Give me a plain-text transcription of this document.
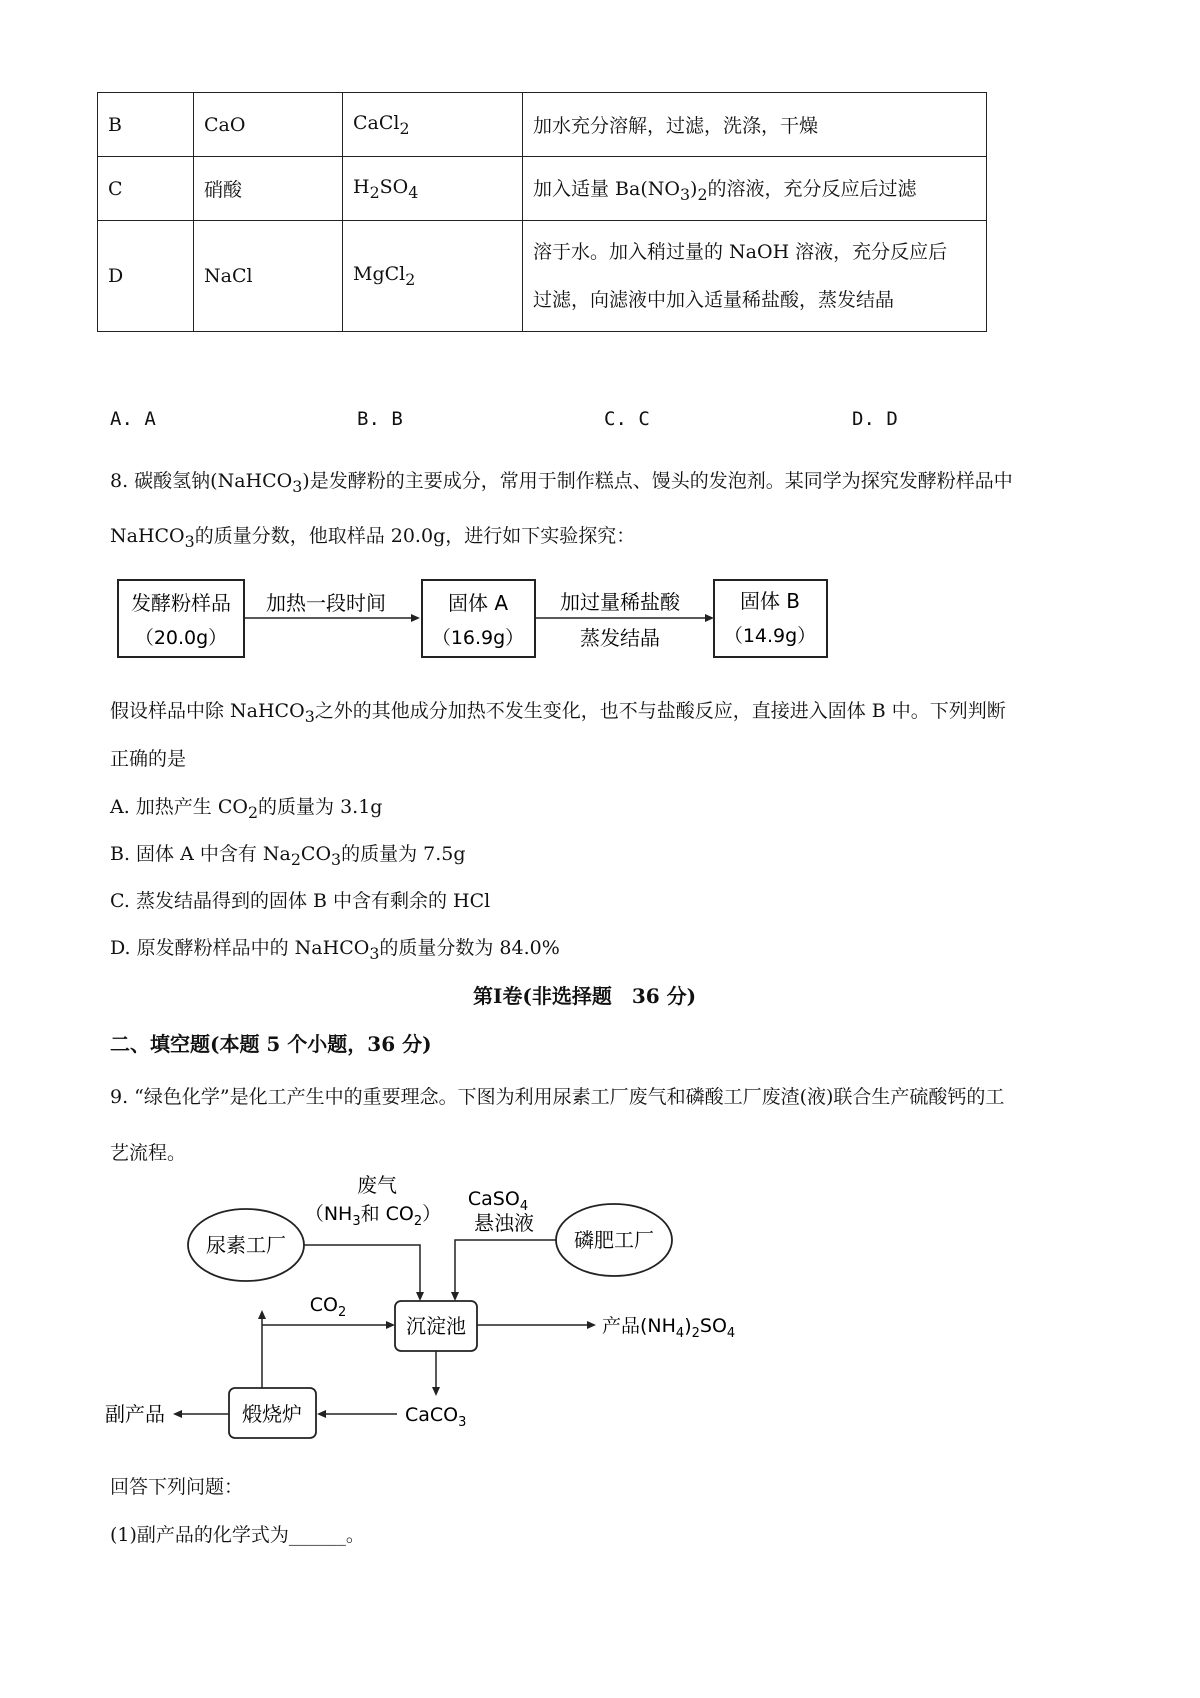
B	CaO	CaCl$_2$	加水充分溶解，过滤，洗涤，干燥
C	硝酸	$H_2SO_4$	加入适量 $Ba(NO_3)_2$的溶液，充分反应后过滤
D	NaCl	MgCl$_2$	溶于水。加入稍过量的 NaOH 溶液，充分反应后
过滤，向滤液中加入适量稀盐酸，蒸发结晶
A. A	B. B	C. C	D. D
8. 碳酸氢钠(NaHCO$_3$)是发酵粉的主要成分，常用于制作糕点、馒头的发泡剂。某同学为探究发酵粉样品中
NaHCO$_3$的质量分数，他取样品 20.0g，进行如下实验探究：
发酵粉样品
（20.0g）
加热一段时间	固体 A
（16.9g）
加过量稀盐酸
蒸发结晶
固体 B
（14.9g）
假设样品中除 NaHCO$_3$之外的其他成分加热不发生变化，也不与盐酸反应，直接进入固体 B 中。下列判断
正确的是
A. 加热产生 $CO_2$的质量为 3.1g
B. 固体 A 中含有 $Na_2CO_3$的质量为 7.5g
C. 蒸发结晶得到的固体 B 中含有剩余的 HCl
D. 原发酵粉样品中的 NaHCO$_3$的质量分数为 84.0%
第Ⅰ卷(非选择题　36 分)
二、填空题(本题 5 个小题，36 分)
9. “绿色化学”是化工产生中的重要理念。下图为利用尿素工厂废气和磷酸工厂废渣(液)联合生产硫酸钙的工
艺流程。
废气
（$NH_3$和 $CO_2$）
CaSO$_4$
悬浊液
尿素工厂	磷肥工厂
沉淀池
$CO_2$
产品$(NH_4)_2SO_4$
CaCO$_3$
煅烧炉
副产品
回答下列问题：
(1)副产品的化学式为______。
